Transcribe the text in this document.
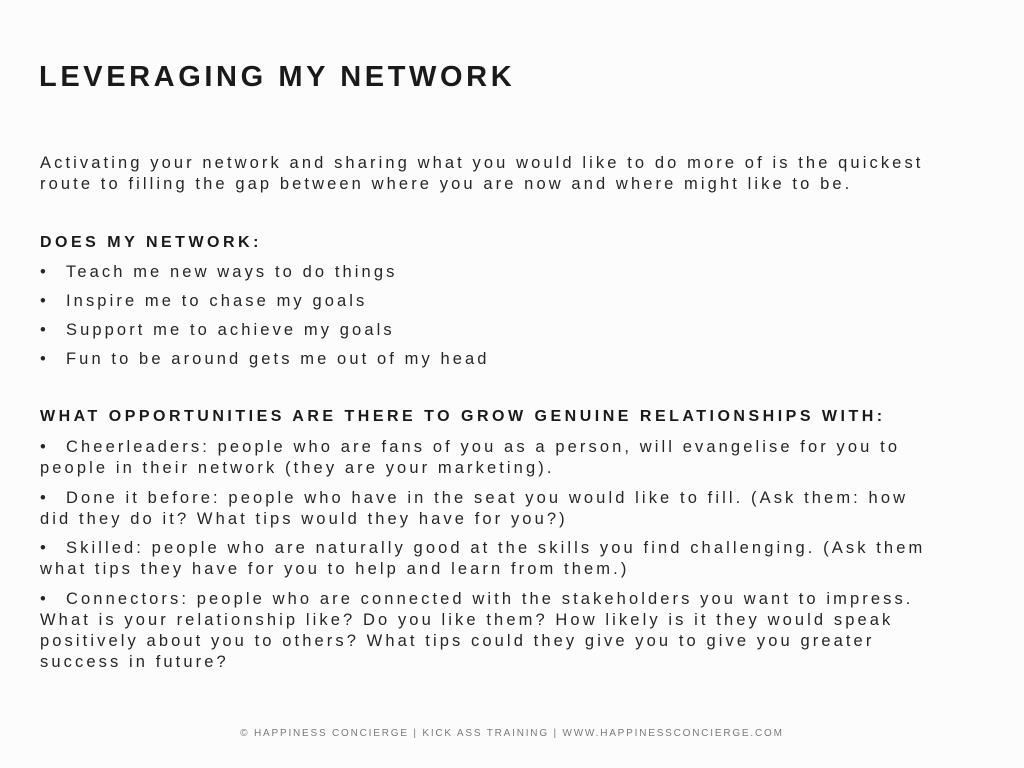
LEVERAGING MY NETWORK

Activating your network and sharing what you would like to do more of is the quickest
route to filling the gap between where you are now and where might like to be.

DOES MY NETWORK:
• Teach me new ways to do things
• Inspire me to chase my goals
• Support me to achieve my goals
• Fun to be around gets me out of my head
WHAT OPPORTUNITIES ARE THERE TO GROW GENUINE RELATIONSHIPS WITH:
• Cheerleaders: people who are fans of you as a person, will evangelise for you to
people in their network (they are your marketing).
• Done it before: people who have in the seat you would like to fill. (Ask them: how
did they do it? What tips would they have for you?)
• Skilled: people who are naturally good at the skills you find challenging. (Ask them
what tips they have for you to help and learn from them.)
• Connectors: people who are connected with the stakeholders you want to impress.
What is your relationship like? Do you like them? How likely is it they would speak
positively about you to others? What tips could they give you to give you greater
success in future?
© HAPPINESS CONCIERGE | KICK ASS TRAINING | WWW.HAPPINESSCONCIERGE.COM
